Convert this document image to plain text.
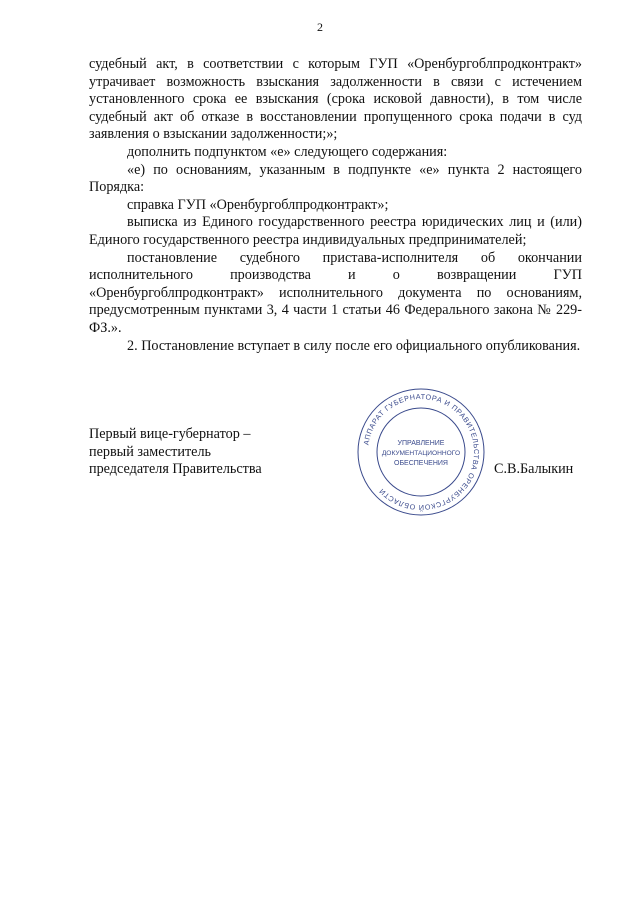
2

судебный акт, в соответствии с которым ГУП «Оренбургоблпродконтракт» утрачивает возможность взыскания задолженности в связи с истечением установленного срока ее взыскания (срока исковой давности), в том числе судебный акт об отказе в восстановлении пропущенного срока подачи в суд заявления о взыскании задолженности;»;

дополнить подпунктом «е» следующего содержания:

«е) по основаниям, указанным в подпункте «е» пункта 2 настоящего Порядка:

справка ГУП «Оренбургоблпродконтракт»;

выписка из Единого государственного реестра юридических лиц и (или) Единого государственного реестра индивидуальных предпринимателей;

постановление судебного пристава-исполнителя об окончании исполнительного производства и о возвращении ГУП «Оренбургоблпродконтракт» исполнительного документа по основаниям, предусмотренным пунктами 3, 4 части 1 статьи 46 Федерального закона № 229-ФЗ.».

2. Постановление вступает в силу после его официального опубликования.

Первый вице-губернатор –
первый заместитель
председателя Правительства	С.В.Балыкин
АППАРАТ ГУБЕРНАТОРА И ПРАВИТЕЛЬСТВА ОРЕНБУРГСКОЙ ОБЛАСТИ
УПРАВЛЕНИЕ
ДОКУМЕНТАЦИОННОГО
ОБЕСПЕЧЕНИЯ
